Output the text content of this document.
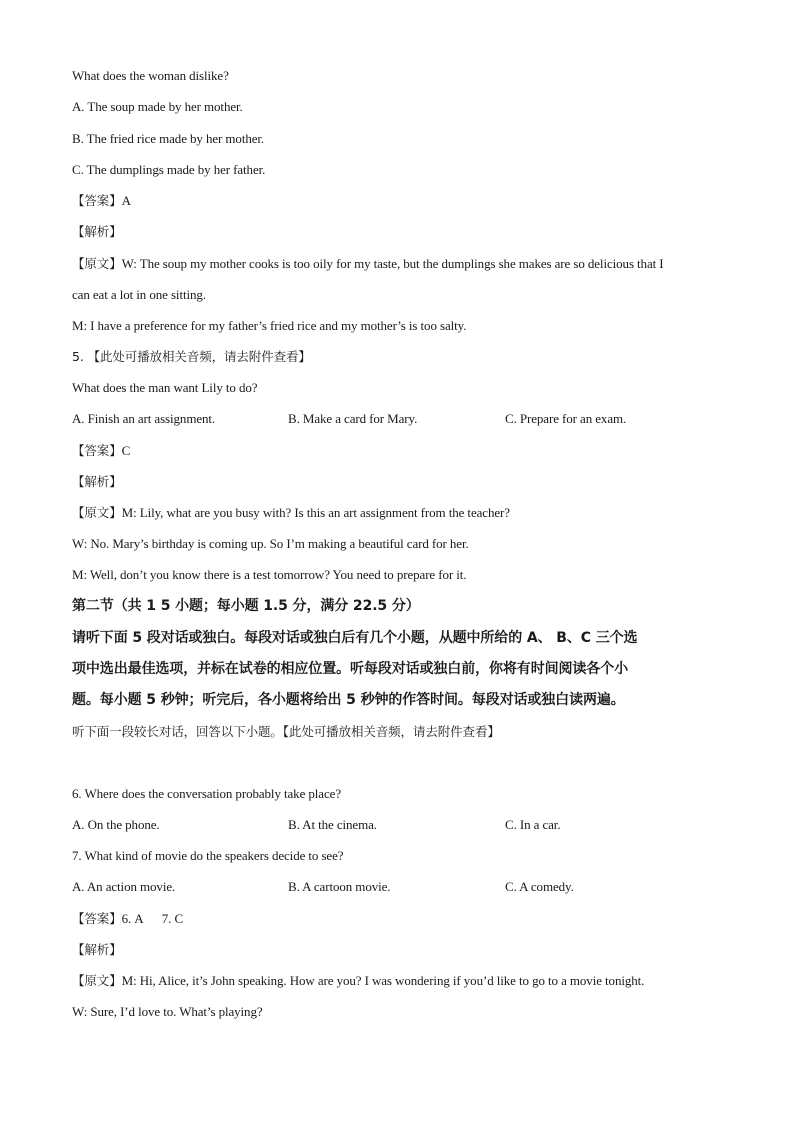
What does the woman dislike?
A. The soup made by her mother.
B. The fried rice made by her mother.
C. The dumplings made by her father.
【答案】A
【解析】
【原文】W: The soup my mother cooks is too oily for my taste, but the dumplings she makes are so delicious that I
can eat a lot in one sitting.
M: I have a preference for my father’s fried rice and my mother’s is too salty.
5. 【此处可播放相关音频，请去附件查看】
What does the man want Lily to do?
A. Finish an art assignment.	B. Make a card for Mary.	C. Prepare for an exam.
【答案】C
【解析】
【原文】M: Lily, what are you busy with? Is this an art assignment from the teacher?
W: No. Mary’s birthday is coming up. So I’m making a beautiful card for her.
M: Well, don’t you know there is a test tomorrow? You need to prepare for it.
第二节（共 1 5 小题；每小题 1.5 分，满分 22.5 分）
请听下面 5 段对话或独白。每段对话或独白后有几个小题，从题中所给的 A、 B、C 三个选
项中选出最佳选项，并标在试卷的相应位置。听每段对话或独白前，你将有时间阅读各个小
题。每小题 5 秒钟；听完后，各小题将给出 5 秒钟的作答时间。每段对话或独白读两遍。
听下面一段较长对话，回答以下小题。【此处可播放相关音频，请去附件查看】
6. Where does the conversation probably take place?
A. On the phone.	B. At the cinema.	C. In a car.
7. What kind of movie do the speakers decide to see?
A. An action movie.	B. A cartoon movie.	C. A comedy.
【答案】6. A      7. C
【解析】
【原文】M: Hi, Alice, it’s John speaking. How are you? I was wondering if you’d like to go to a movie tonight.
W: Sure, I’d love to. What’s playing?
